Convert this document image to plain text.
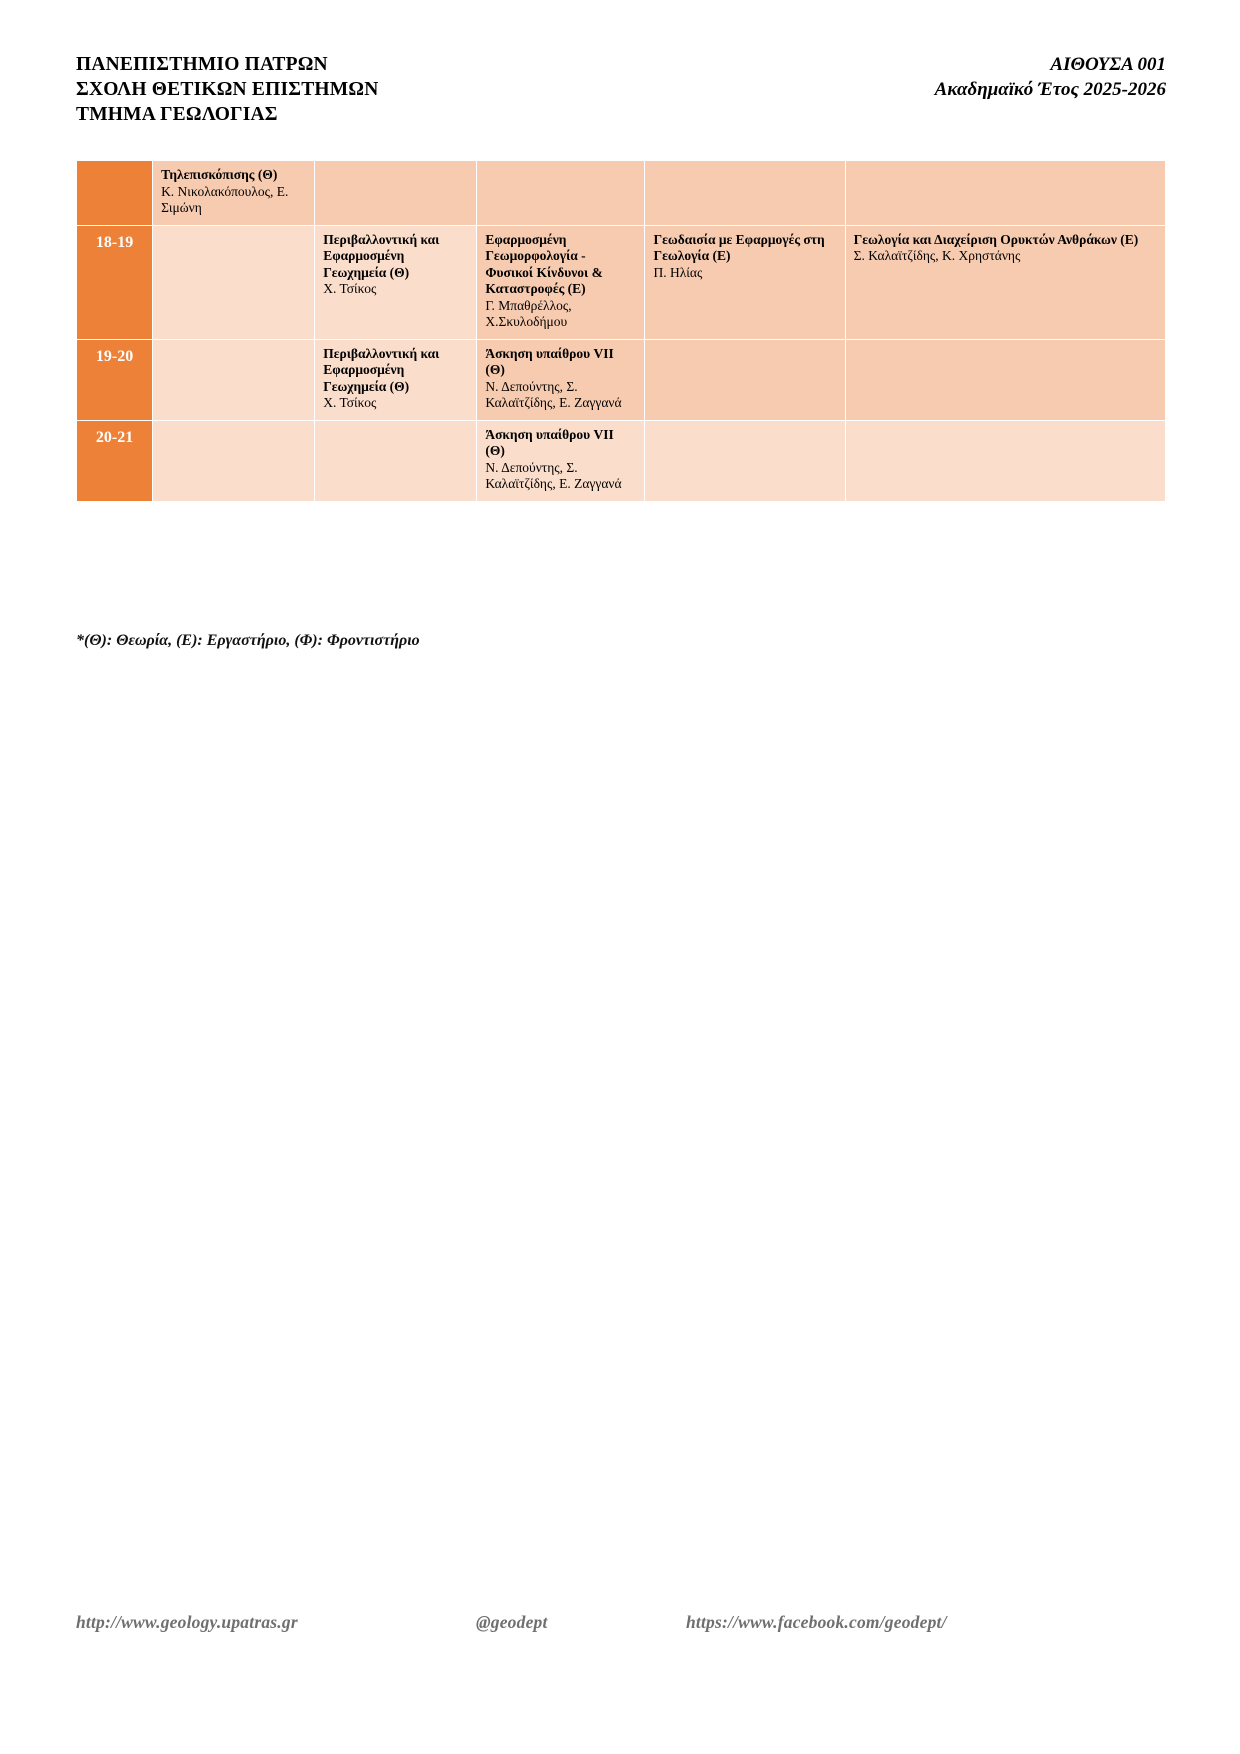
ΠΑΝΕΠΙΣΤΗΜΙΟ ΠΑΤΡΩΝ
ΣΧΟΛΗ ΘΕΤΙΚΩΝ ΕΠΙΣΤΗΜΩΝ
ΤΜΗΜΑ ΓΕΩΛΟΓΙΑΣ
ΑΙΘΟΥΣΑ 001
Ακαδημαϊκό Έτος 2025-2026

	Τηλεπισκόπισης (Θ)
Κ. Νικολακόπουλος, Ε. Σιμώνη				

18-19		Περιβαλλοντική και Εφαρμοσμένη Γεωχημεία (Θ)
Χ. Τσίκος	Εφαρμοσμένη Γεωμορφολογία - Φυσικοί Κίνδυνοι & Καταστροφές (Ε)
Γ. Μπαθρέλλος, Χ.Σκυλοδήμου	Γεωδαισία με Εφαρμογές στη Γεωλογία (Ε)
Π. Ηλίας	Γεωλογία και Διαχείριση Ορυκτών Ανθράκων (Ε)
Σ. Καλαϊτζίδης, Κ. Χρηστάνης

19-20		Περιβαλλοντική και Εφαρμοσμένη Γεωχημεία (Θ)
Χ. Τσίκος	Άσκηση υπαίθρου VII (Θ)
Ν. Δεπούντης, Σ. Καλαϊτζίδης, Ε. Ζαγγανά		

20-21			Άσκηση υπαίθρου VII (Θ)
Ν. Δεπούντης, Σ. Καλαϊτζίδης, Ε. Ζαγγανά		

*(Θ): Θεωρία, (Ε): Εργαστήριο, (Φ): Φροντιστήριο
http://www.geology.upatras.gr	@geodept	https://www.facebook.com/geodept/
